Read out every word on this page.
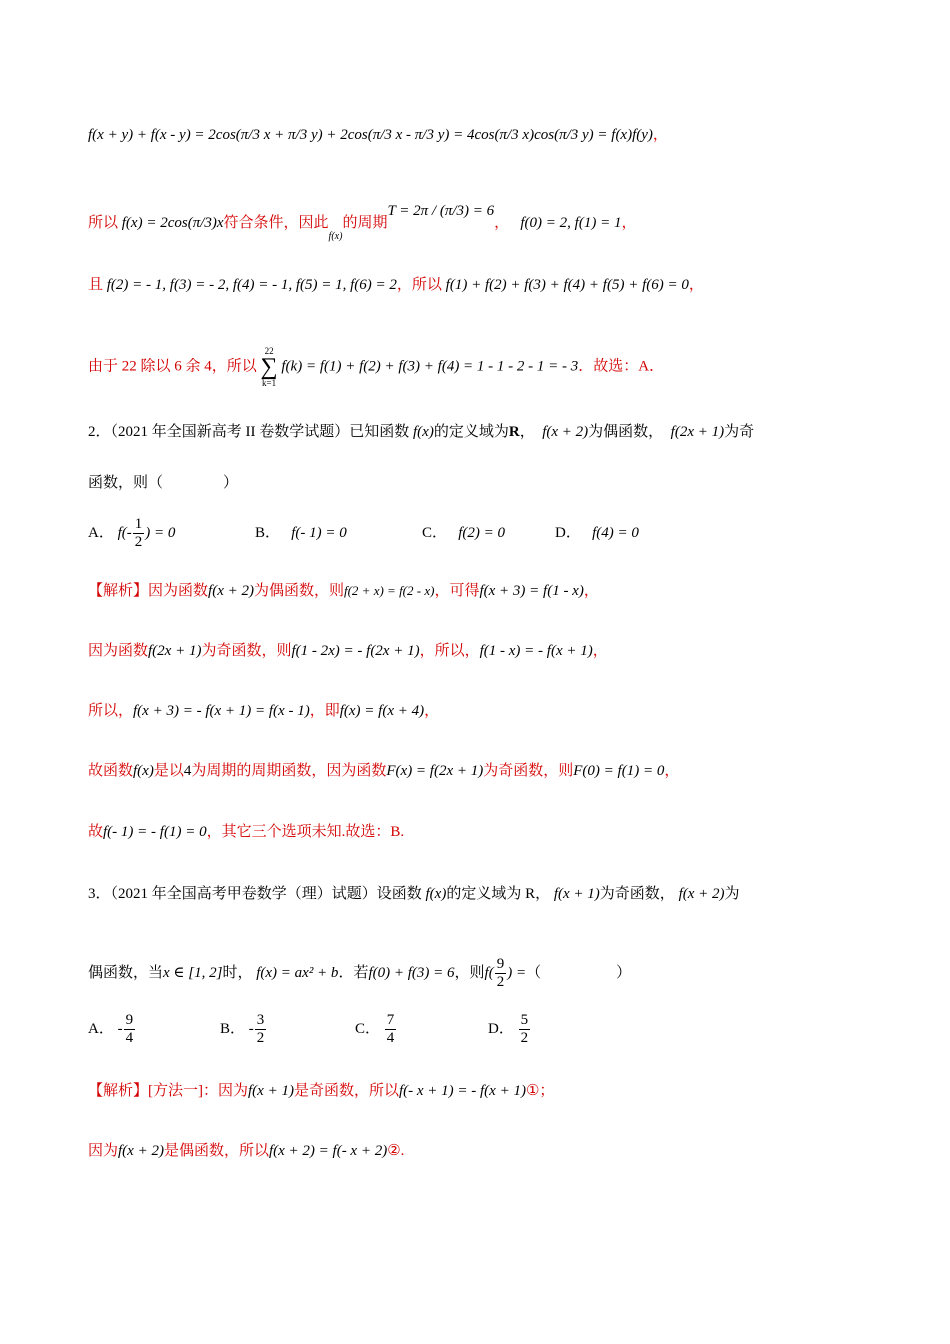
f(x + y) + f(x - y) = 2cos(π/3 x + π/3 y) + 2cos(π/3 x - π/3 y) = 4cos(π/3 x)cos(π/3 y) = f(x)f(y)，
所以 f(x) = 2cos(π/3)x符合条件，因此$_{f(x)}$的周期T = 2π / (π/3) = 6， f(0) = 2, f(1) = 1，
且 f(2) = - 1, f(3) = - 2, f(4) = - 1, f(5) = 1, f(6) = 2，所以 f(1) + f(2) + f(3) + f(4) + f(5) + f(6) = 0，
由于 22 除以 6 余 4，所以 22
∑
k=1 f(k) = f(1) + f(2) + f(3) + f(4) = 1 - 1 - 2 - 1 = - 3．故选：A．
2．（2021 年全国新高考 II 卷数学试题）已知函数 f(x)的定义域为R， f(x + 2)为偶函数， f(2x + 1)为奇
函数，则（　　　　）
A． $f(- \frac{1}{2}$ ) = 0	B． f(- 1) = 0	C． f(2) = 0	D． f(4) = 0
【解析】因为函数f(x + 2)为偶函数，则f(2 + x) = f(2 - x)，可得f(x + 3) = f(1 - x)，
因为函数f(2x + 1)为奇函数，则f(1 - 2x) = - f(2x + 1)，所以，f(1 - x) = - f(x + 1)，
所以，f(x + 3) = - f(x + 1) = f(x - 1)，即f(x) = f(x + 4)，
故函数f(x)是以4为周期的周期函数，因为函数F(x) = f(2x + 1)为奇函数，则F(0) = f(1) = 0，
故f(- 1) = - f(1) = 0，其它三个选项未知.故选：B.
3．（2021 年全国高考甲卷数学（理）试题）设函数 f(x)的定义域为 R， f(x + 1)为奇函数， f(x + 2)为
偶函数，当x ∈ [1, 2]时， f(x) = ax² + b．若f(0) + f(3) = 6，则$f( \frac{9}{2}$ ) =（　　　　　）
A． - $\frac{9}{4}$	B． - $\frac{3}{2}$	C． $\frac{7}{4}$	D． $\frac{5}{2}$
【解析】[方法一]：因为f(x + 1)是奇函数，所以f(- x + 1) = - f(x + 1)①；
因为f(x + 2)是偶函数，所以f(x + 2) = f(- x + 2)②.
